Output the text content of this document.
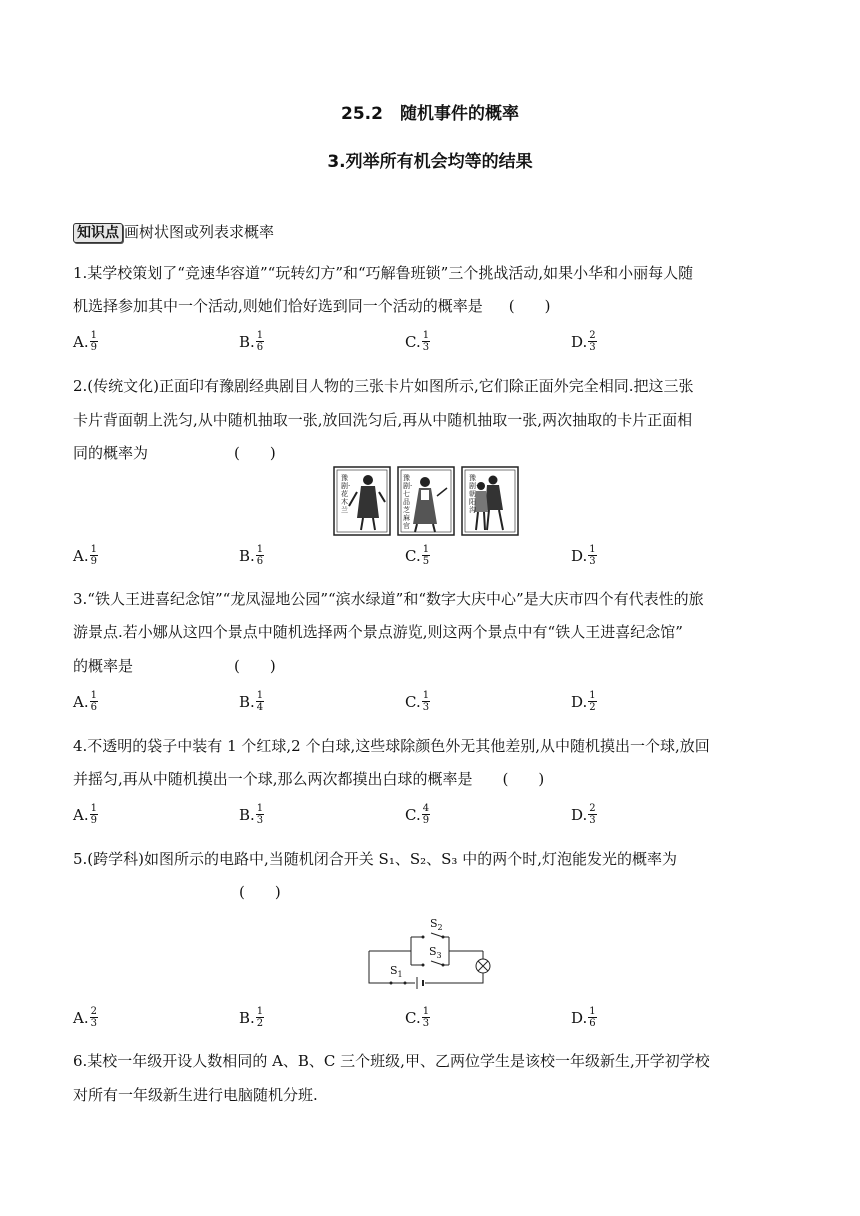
25.2　随机事件的概率
3.列举所有机会均等的结果
知识点 画树状图或列表求概率
1.某学校策划了“竞速华容道”“玩转幻方”和“巧解鲁班锁”三个挑战活动,如果小华和小丽每人随
机选择参加其中一个活动,则她们恰好选到同一个活动的概率是 (　　)
A. $\frac{1}{9}$	B. $\frac{1}{6}$	C. $\frac{1}{3}$	D. $\frac{2}{3}$
2.(传统文化)正面印有豫剧经典剧目人物的三张卡片如图所示,它们除正面外完全相同.把这三张
卡片背面朝上洗匀,从中随机抽取一张,放回洗匀后,再从中随机抽取一张,两次抽取的卡片正面相
同的概率为	(　　)
豫剧·花木兰
豫剧·七品芝麻官
豫剧·朝阳沟
A. $\frac{1}{9}$	B. $\frac{1}{6}$	C. $\frac{1}{5}$	D. $\frac{1}{3}$
3.“铁人王进喜纪念馆”“龙凤湿地公园”“滨水绿道”和“数字大庆中心”是大庆市四个有代表性的旅
游景点.若小娜从这四个景点中随机选择两个景点游览,则这两个景点中有“铁人王进喜纪念馆”
的概率是	(　　)
A. $\frac{1}{6}$	B. $\frac{1}{4}$	C. $\frac{1}{3}$	D. $\frac{1}{2}$
4.不透明的袋子中装有 1 个红球,2 个白球,这些球除颜色外无其他差别,从中随机摸出一个球,放回
并摇匀,再从中随机摸出一个球,那么两次都摸出白球的概率是 (　　)
A. $\frac{1}{9}$	B. $\frac{1}{3}$	C. $\frac{4}{9}$	D. $\frac{2}{3}$
5.(跨学科)如图所示的电路中,当随机闭合开关 S₁、S₂、S₃ 中的两个时,灯泡能发光的概率为
(　　)
$S_2$
$S_3$
$S_1$
A. $\frac{2}{3}$	B. $\frac{1}{2}$	C. $\frac{1}{3}$	D. $\frac{1}{6}$
6.某校一年级开设人数相同的 A、B、C 三个班级,甲、乙两位学生是该校一年级新生,开学初学校
对所有一年级新生进行电脑随机分班.
